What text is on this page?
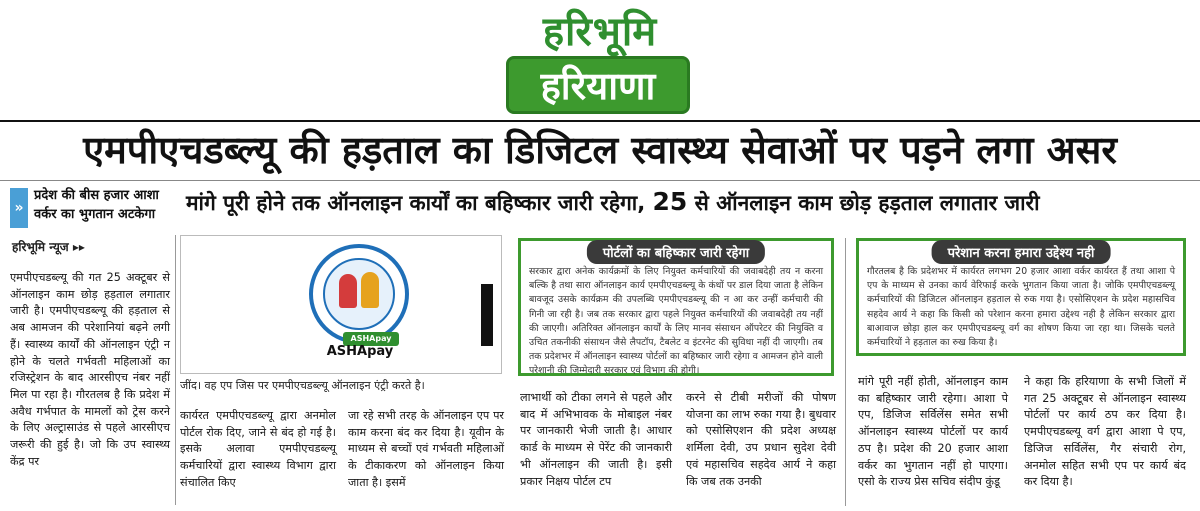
हरिभूमि
हरियाणा
एमपीएचडब्ल्यू की हड़ताल का डिजिटल स्वास्थ्य सेवाओं पर पड़ने लगा असर
»
प्रदेश की बीस हजार आशा वर्कर का भुगतान अटकेगा
हरिभूमि न्यूज ▸▸
मांगे पूरी होने तक ऑनलाइन कार्यों का बहिष्कार जारी रहेगा, 25 से ऑनलाइन काम छोड़ हड़ताल लगातार जारी

एमपीएचडब्ल्यू की गत 25 अक्टूबर से ऑनलाइन काम छोड़ हड़ताल लगातार जारी है। एमपीएचडब्ल्यू की हड़ताल से अब आमजन की परेशानियां बढ़ने लगी हैं। स्वास्थ्य कार्यों की ऑनलाइन एंट्री न होने के चलते गर्भवती महिलाओं का रजिस्ट्रेशन के बाद आरसीएच नंबर नहीं मिल पा रहा है। गौरतलब है कि प्रदेश में अवैध गर्भपात के मामलों को ट्रेस करने के लिए अल्ट्रासाउंड से पहले आरसीएच जरूरी की हुई है। जो कि उप स्वास्थ्य केंद्र पर

ASHApay
ASHApay
जींद। वह एप जिस पर एमपीएचडब्ल्यू ऑनलाइन एंट्री करते है।

कार्यरत एमपीएचडब्ल्यू द्वारा अनमोल पोर्टल रोक दिए, जाने से बंद हो गई है। इसके अलावा एमपीएचडब्ल्यू कर्मचारियों द्वारा स्वास्थ्य विभाग द्वारा संचालित किए

जा रहे सभी तरह के ऑनलाइन एप पर काम करना बंद कर दिया है। यूवीन के माध्यम से बच्चों एवं गर्भवती महिलाओं के टीकाकरण को ऑनलाइन किया जाता है। इसमें

पोर्टलों का बहिष्कार जारी रहेगा
सरकार द्वारा अनेक कार्यक्रमों के लिए नियुक्त कर्मचारियों की जवाबदेही तय न करना बल्कि है तथा सारा ऑनलाइन कार्य एमपीएचडब्ल्यू के कंधों पर डाल दिया जाता है लेकिन बावजूद उसके कार्यक्रम की उपलब्धि एमपीएचडब्ल्यू की न आ कर उन्हीं कर्मचारी की गिनी जा रही है। जब तक सरकार द्वारा पहले नियुक्त कर्मचारियों की जवाबदेही तय नहीं की जाएगी। अतिरिक्त ऑनलाइन कार्यों के लिए मानव संसाधन ऑपरेटर की नियुक्ति व उचित तकनीकी संसाधन जैसे लैपटॉप, टैबलेट व इंटरनेट की सुविधा नहीं दी जाएगी। तब तक प्रदेशभर में ऑनलाइन स्वास्थ्य पोर्टलों का बहिष्कार जारी रहेगा व आमजन होने वाली परेशानी की जिम्मेदारी सरकार एवं विभाग की होगी।
परेशान करना हमारा उद्देश्य नही
गौरतलब है कि प्रदेशभर में कार्यरत लगभग 20 हजार आशा वर्कर कार्यरत हैं तथा आशा पे एप के माध्यम से उनका कार्य वेरिफाई करके भुगतान किया जाता है। जोकि एमपीएचडब्ल्यू कर्मचारियों की डिजिटल ऑनलाइन हड़ताल से रुक गया है। एसोसिएशन के प्रदेश महासचिव सहदेव आर्य ने कहा कि किसी को परेशान करना हमारा उद्देश्य नही है लेकिन सरकार द्वारा बाआवाज छोड़ा हाल कर एमपीएचडब्ल्यू वर्ग का शोषण किया जा रहा था। जिसके चलते कर्मचारियों ने हड़ताल का रुख किया है।

लाभार्थी को टीका लगने से पहले और बाद में अभिभावक के मोबाइल नंबर पर जानकारी भेजी जाती है। आधार कार्ड के माध्यम से पेरेंट की जानकारी भी ऑनलाइन की जाती है। इसी प्रकार निक्षय पोर्टल टप

करने से टीबी मरीजों की पोषण योजना का लाभ रुका गया है। बुधवार को एसोसिएशन की प्रदेश अध्यक्ष शर्मिला देवी, उप प्रधान सुदेश देवी एवं महासचिव सहदेव आर्य ने कहा कि जब तक उनकी

मांगे पूरी नहीं होती, ऑनलाइन काम का बहिष्कार जारी रहेगा। आशा पे एप, डिजिज सर्विलेंस समेत सभी ऑनलाइन स्वास्थ्य पोर्टलों पर कार्य ठप है। प्रदेश की 20 हजार आशा वर्कर का भुगतान नहीं हो पाएगा। एसो के राज्य प्रेस सचिव संदीप कुंडू

ने कहा कि हरियाणा के सभी जिलों में गत 25 अक्टूबर से ऑनलाइन स्वास्थ्य पोर्टलों पर कार्य ठप कर दिया है। एमपीएचडब्ल्यू वर्ग द्वारा आशा पे एप, डिजिज सर्विलेंस, गैर संचारी रोग, अनमोल सहित सभी एप पर कार्य बंद कर दिया है।
